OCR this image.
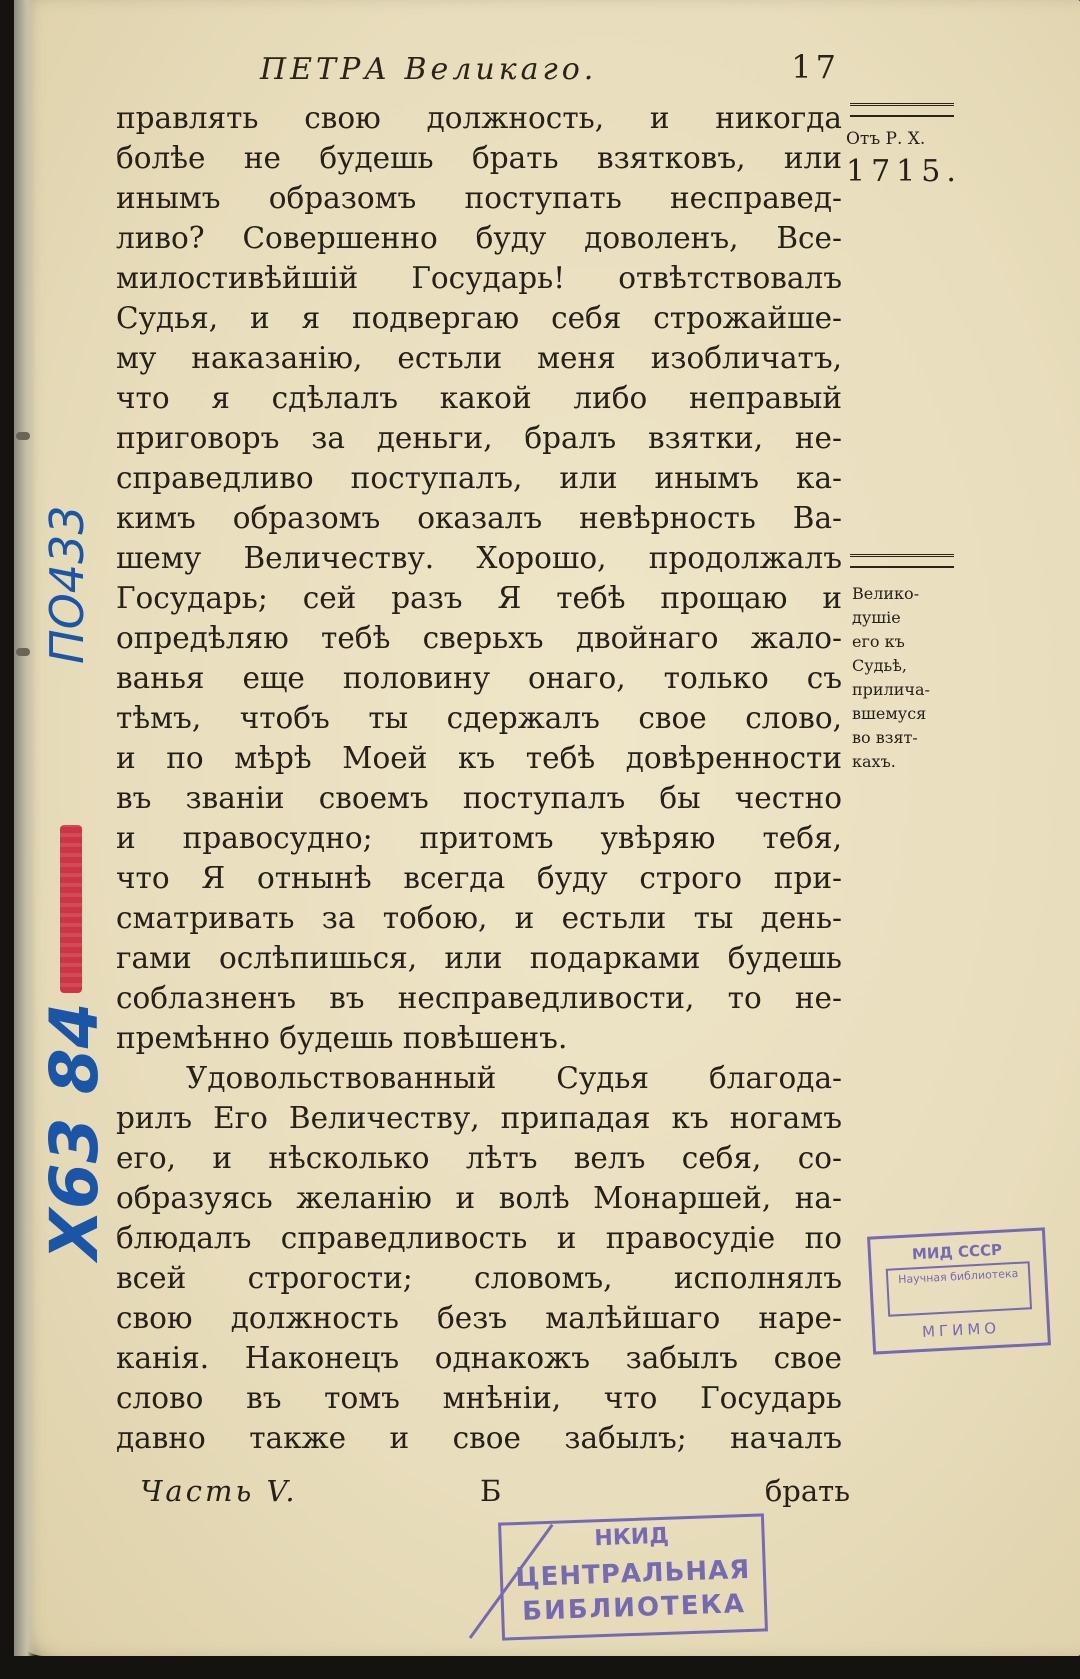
ПЕТРА Великаго.	17
Отъ Р. Х.
1715.
Велико-
душіе
его къ
Судьѣ,
прилича-
вшемуся
во взят-
кахъ.
правлять свою должность, и никогда
болѣе не будешь брать взятковъ, или
инымъ образомъ поступать несправед-
ливо? Совершенно буду доволенъ, Все-
милостивѣйшій Государь! отвѣтствовалъ
Судья, и я подвергаю себя строжайше-
му наказанію, естьли меня изобличатъ,
что я сдѣлалъ какой либо неправый
приговоръ за деньги, бралъ взятки, не-
справедливо поступалъ, или инымъ ка-
кимъ образомъ оказалъ невѣрность Ва-
шему Величеству. Хорошо, продолжалъ
Государь; сей разъ Я тебѣ прощаю и
опредѣляю тебѣ сверьхъ двойнаго жало-
ванья еще половину онаго, только съ
тѣмъ, чтобъ ты сдержалъ свое слово,
и по мѣрѣ Моей къ тебѣ довѣренности
въ званіи своемъ поступалъ бы честно
и правосудно; притомъ увѣряю тебя,
что Я отнынѣ всегда буду строго при-
сматривать за тобою, и естьли ты день-
гами ослѣпишься, или подарками будешь
соблазненъ въ несправедливости, то не-
премѣнно будешь повѣшенъ.
Удовольствованный Судья благода-
рилъ Его Величеству, припадая къ ногамъ
его, и нѣсколько лѣтъ велъ себя, со-
образуясь желанію и волѣ Монаршей, на-
блюдалъ справедливость и правосудіе по
всей строгости; словомъ, исполнялъ
свою должность безъ малѣйшаго наре-
канія. Наконецъ однакожъ забылъ свое
слово въ томъ мнѣніи, что Государь
давно также и свое забылъ; началъ
Часть V.	Б	брать
ПО433
Х63 84	МИД СССР
Научная библиотека
МГИМО
НКИД
ЦЕНТРАЛЬНАЯ
БИБЛИОТЕКА
